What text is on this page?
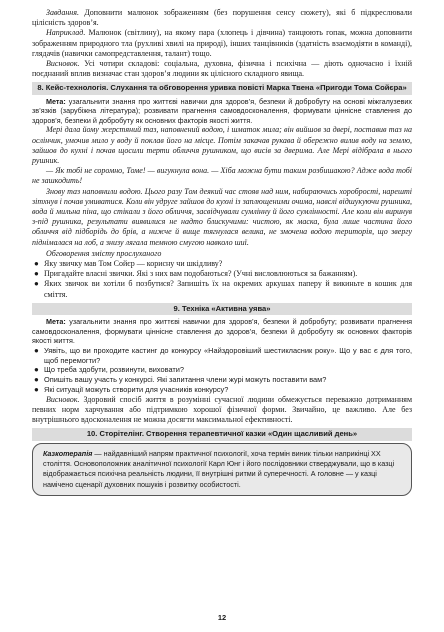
Завдання. Доповнити малюнок зображенням (без порушення сенсу сюжету), які б підкреслювали цілісність здоров’я.

Наприклад. Малюнок (світлину), на якому пара (хлопець і дівчина) танцюють гопак, можна доповнити зображенням природного тла (рухливі хвилі на природі), інших танцівників (здатність взаємодіяти в команді), глядачів (навички самопредставлення, талант) тощо.

Висновок. Усі чотири складові: соціальна, духовна, фізична і психічна — діють одночасно і їхній поєднаний вплив визначає стан здоров’я людини як цілісного складного явища.

8. Кейс-технологія. Слухання та обговорення уривка повісті Марка Твена «Пригоди Тома Сойєра»

Мета: узагальнити знання про життєві навички для здоров’я, безпеки й добробуту на основі міжгалузевих зв’язків (зарубіжна література); розвивати прагнення самовдосконалення, формувати ціннісне ставлення до здоров’я, безпеки й добробуту як основних факторів якості життя.

Мері дала йому жерстяний таз, наповнений водою, і шматок мила; він вийшов за двері, поставив таз на ослінчик, умочив мило у воду й поклав його на місце. Потім закачав рукава й обережно вилив воду на землю, зайшов до кухні і почав щосили терти обличчя рушником, що висів за дверима. Але Мері відібрала в нього рушник.

— Як тобі не соромно, Томе! — вигукнула вона. — Хіба можна бути таким розбишакою? Адже вода тобі не зашкодить!

Знову таз наповнили водою. Цього разу Том деякий час стояв над ним, набираючись хоробрості, нарешті зітхнув і почав умиватися. Коли він удруге зайшов до кухні із заплющеними очима, навслі відшукуючи рушника, вода й мильна піна, що стікали з його обличчя, засвідчували сумлінну й його сумлінності. Але коли він виринув з-під рушника, результати виявилися не надто блискучими: чистою, як маска, була лише частина його обличчя від підборідь до брів, а нижче й вище тягнулася велика, не змочена водою територія, що звергу піднімалася на лоб, а знизу лягала темною смугою навколо шиї.

Обговорення змісту прослуханого

● Яку звичку мав Том Сойєр — корисну чи шкідливу?
● Пригадайте власні звички. Які з них вам подобаються? (Учні висловлюються за бажанням).
● Яких звичок ви хотіли б позбутися? Запишіть їх на окремих аркушах паперу й викиньте в кошик для сміття.
9. Техніка «Активна уява»

Мета: узагальнити знання про життєві навички для здоров’я, безпеки й добробуту; розвивати прагнення самовдосконалення, формувати ціннісне ставлення до здоров’я, безпеки й добробуту як основних факторів якості життя.

● Уявіть, що ви проходите кастинг до конкурсу «Найздоровіший шестикласник року». Що у вас є для того, щоб перемогти?
● Що треба здобути, розвинути, виховати?
● Опишіть вашу участь у конкурсі. Які запитання члени журі можуть поставити вам?
● Які ситуації можуть створити для учасників конкурсу?

Висновок. Здоровий спосіб життя в розумінні сучасної людини обмежується переважно дотриманням певних норм харчування або підтримкою хорошої фізичної форми. Звичайно, це важливо. Але без внутрішнього вдосконалення не можна досягти максимальної ефективності.

10. Сторітелінг. Створення терапевтичної казки «Один щасливий день»
Казкотерапія — найдавніший напрям практичної психології, хоча термін виник тільки наприкінці XX століття. Основоположник аналітичної психології Карл Юнг і його послідовники стверджували, що в казці відображається психічна реальність людини, її внутрішні ритми й суперечності. А головне — у казці намічено сценарії духовних пошуків і розвитку особистості.
12
